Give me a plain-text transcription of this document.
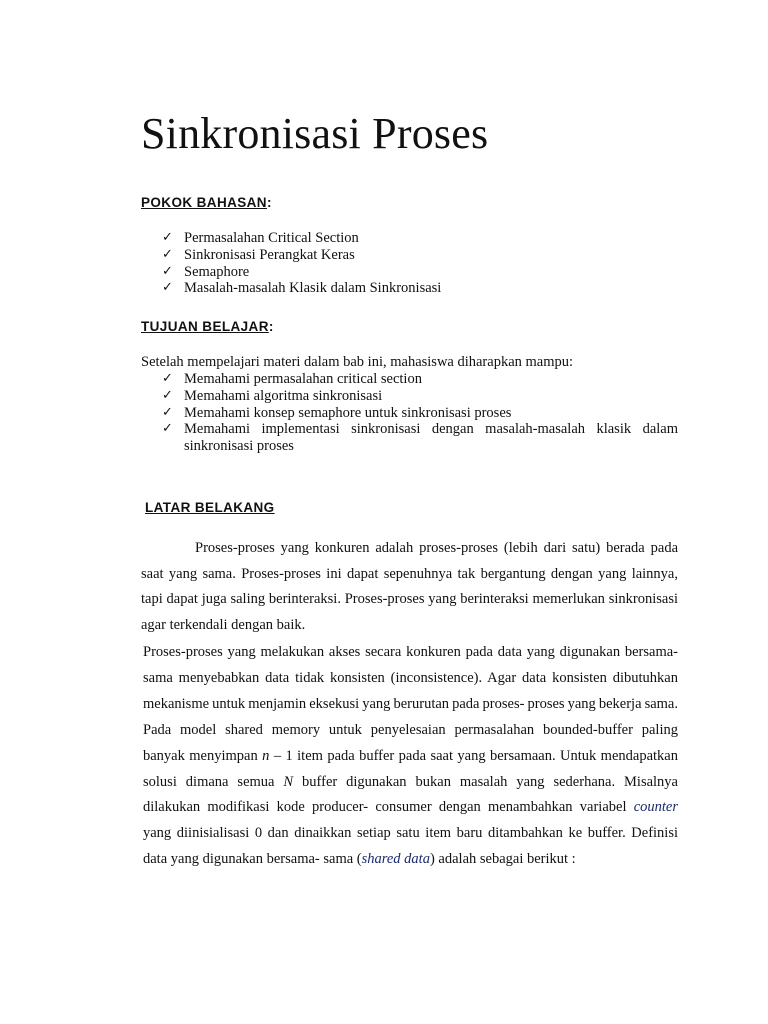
Sinkronisasi Proses
POKOK BAHASAN:
✓ Permasalahan Critical Section
✓ Sinkronisasi Perangkat Keras
✓ Semaphore
✓ Masalah-masalah Klasik dalam Sinkronisasi
TUJUAN BELAJAR:

Setelah mempelajari materi dalam bab ini, mahasiswa diharapkan mampu:

✓ Memahami permasalahan critical section
✓ Memahami algoritma sinkronisasi
✓ Memahami konsep semaphore untuk sinkronisasi proses
✓ Memahami implementasi sinkronisasi dengan masalah-masalah klasik dalam
sinkronisasi proses
LATAR BELAKANG
Proses-proses yang konkuren adalah proses-proses (lebih dari satu) berada pada
saat yang sama. Proses-proses ini dapat sepenuhnya tak bergantung dengan yang lainnya,
tapi dapat juga saling berinteraksi. Proses-proses yang berinteraksi memerlukan sinkronisasi
agar terkendali dengan baik.
Proses-proses yang melakukan akses secara konkuren pada data yang digunakan bersama-
sama menyebabkan data tidak konsisten (inconsistence). Agar data konsisten dibutuhkan
mekanisme untuk menjamin eksekusi yang berurutan pada proses- proses yang bekerja sama.
Pada model shared memory untuk penyelesaian permasalahan bounded-buffer paling
banyak menyimpan n – 1 item pada buffer pada saat yang bersamaan. Untuk mendapatkan
solusi dimana semua N buffer digunakan bukan masalah yang sederhana. Misalnya
dilakukan modifikasi kode producer- consumer dengan menambahkan variabel counter
yang diinisialisasi 0 dan dinaikkan setiap satu item baru ditambahkan ke buffer. Definisi
data yang digunakan bersama- sama (shared data) adalah sebagai berikut :
